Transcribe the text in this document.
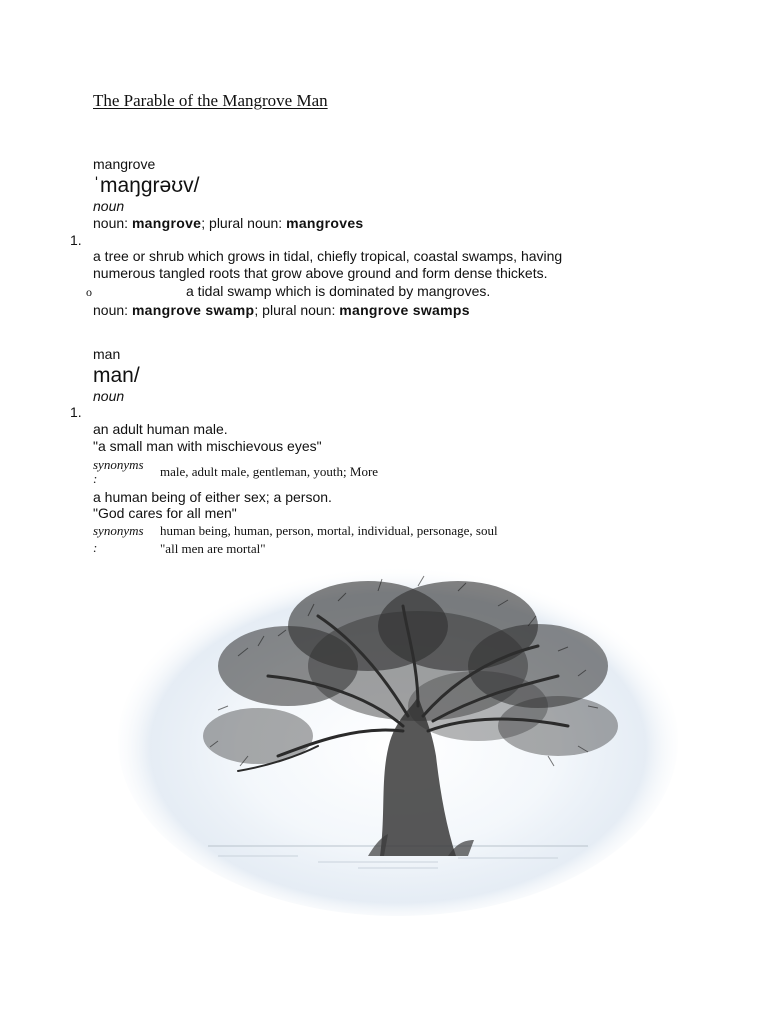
The Parable of the Mangrove Man
mangrove
ˈmaŋɡrəʊv/
noun
noun: mangrove; plural noun: mangroves
1.
a tree or shrub which grows in tidal, chiefly tropical, coastal swamps, having
numerous tangled roots that grow above ground and form dense thickets.
o	a tidal swamp which is dominated by mangroves.
noun: mangrove swamp; plural noun: mangrove swamps
man
man/
noun
1.
an adult human male.
"a small man with mischievous eyes"
synonyms
:	male, adult male, gentleman, youth; More
a human being of either sex; a person.
"God cares for all men"
synonyms
:
human being, human, person, mortal, individual, personage, soul
"all men are mortal"
